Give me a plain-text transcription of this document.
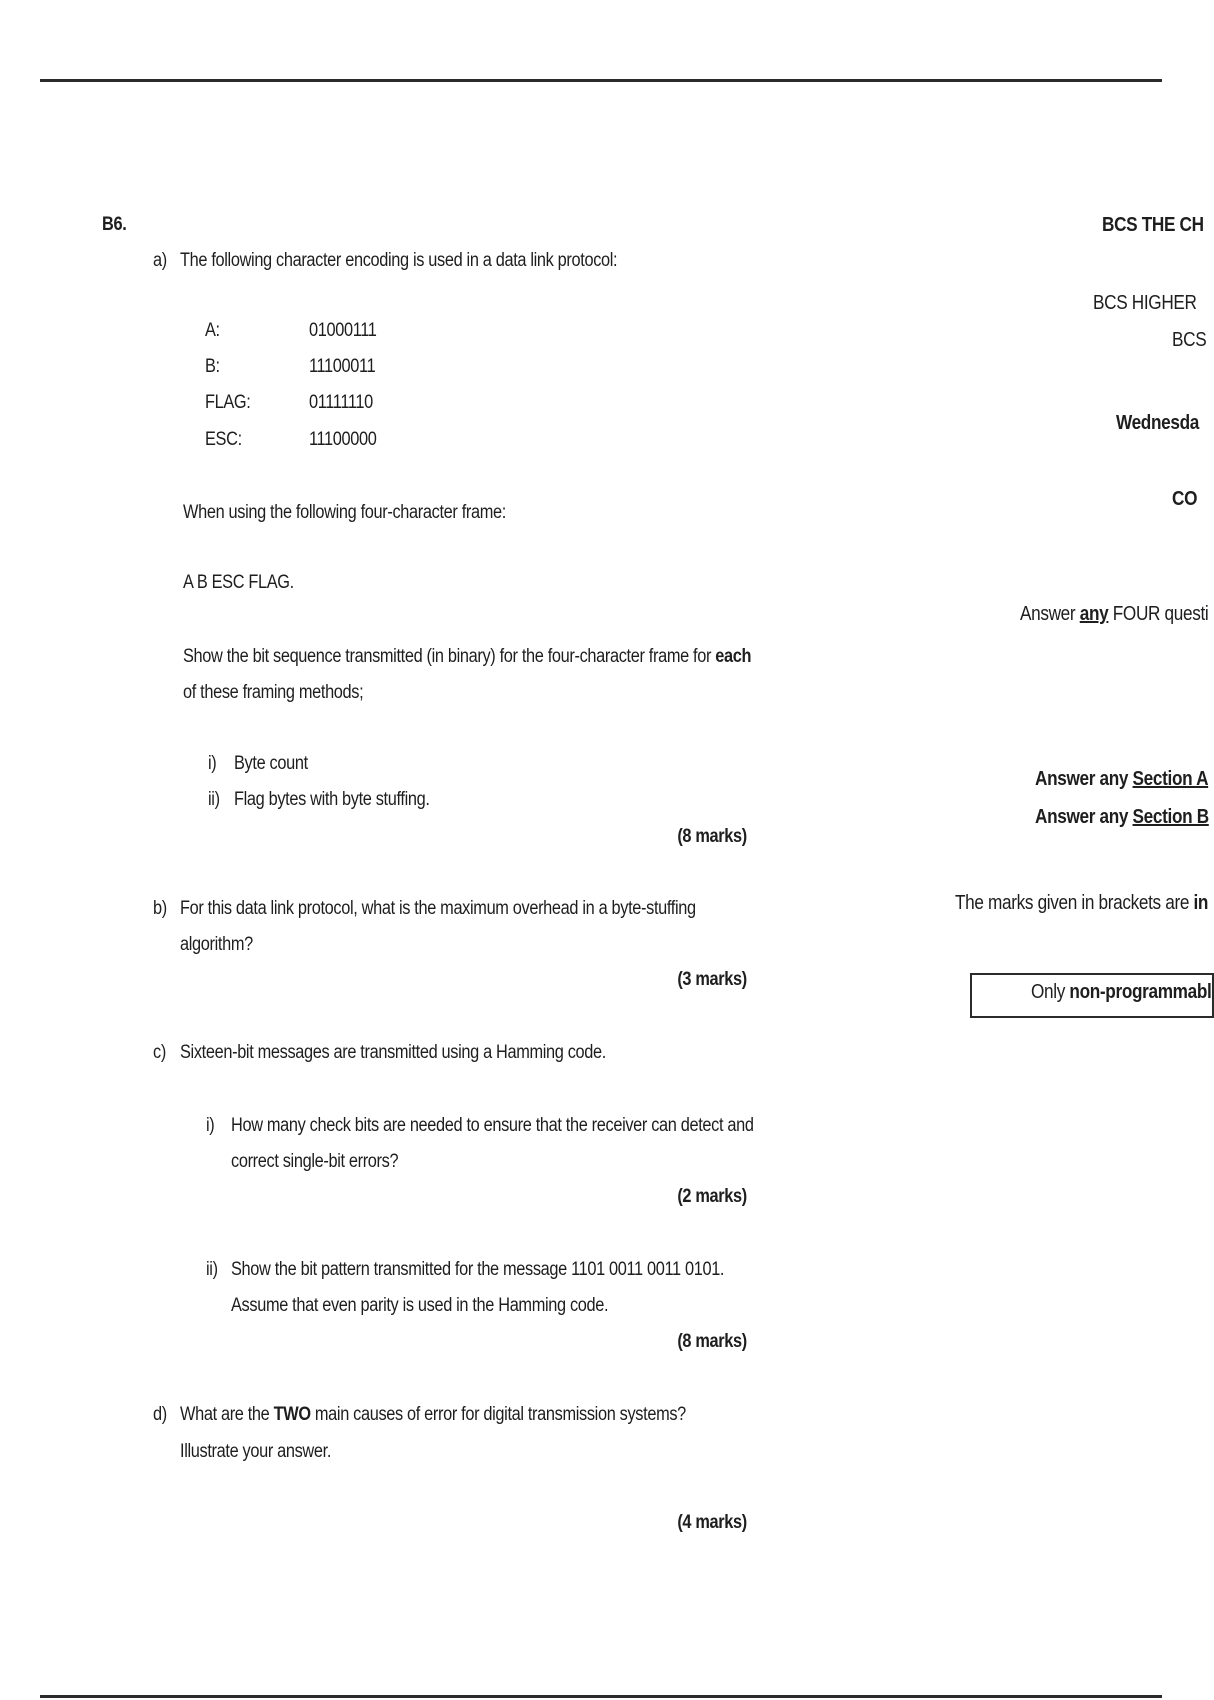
B6.
a) The following character encoding is used in a data link protocol:
A:	01000111
B:	11100011
FLAG:	01111110
ESC:	11100000
When using the following four-character frame:
A B ESC FLAG.
Show the bit sequence transmitted (in binary) for the four-character frame for each
of these framing methods;
i) Byte count
ii) Flag bytes with byte stuffing.
(8 marks)
b) For this data link protocol, what is the maximum overhead in a byte-stuffing
algorithm?
(3 marks)
c) Sixteen-bit messages are transmitted using a Hamming code.
i) How many check bits are needed to ensure that the receiver can detect and
correct single-bit errors?
(2 marks)
ii) Show the bit pattern transmitted for the message 1101 0011 0011 0101.
Assume that even parity is used in the Hamming code.
(8 marks)
d) What are the TWO main causes of error for digital transmission systems?
Illustrate your answer.
(4 marks)
BCS THE CH
BCS HIGHER
BCS
Wednesda
CO
Answer any FOUR questi
Answer any Section A
Answer any Section B
The marks given in brackets are in
Only non-programmabl
